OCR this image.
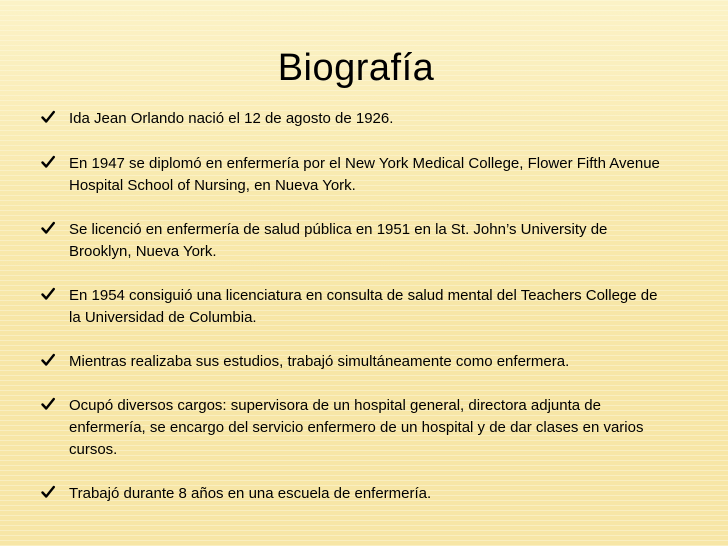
Biografía
Ida Jean Orlando nació el 12 de agosto de 1926.
En 1947 se diplomó en enfermería por el New York Medical College, Flower Fifth Avenue Hospital School of Nursing, en Nueva York.
Se licenció en enfermería de salud pública en 1951 en la St. John’s University de Brooklyn, Nueva York.
En 1954 consiguió una licenciatura en consulta de salud mental del Teachers College de la Universidad de Columbia.
Mientras realizaba sus estudios, trabajó simultáneamente como enfermera.
Ocupó diversos cargos: supervisora de un hospital general, directora adjunta de enfermería, se encargo del servicio enfermero de un hospital y de dar clases en varios cursos.
Trabajó durante 8 años en una escuela de enfermería.
